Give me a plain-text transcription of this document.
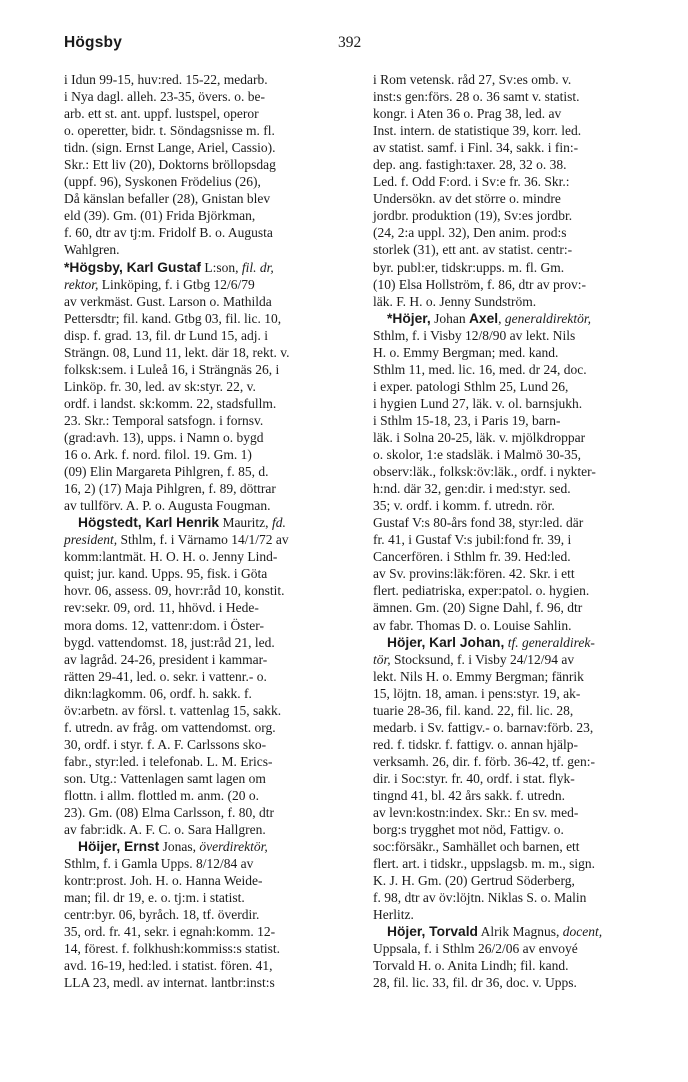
Högsby	392
i Idun 99-15, huv:red. 15-22, medarb.
i Nya dagl. alleh. 23-35, övers. o. be-
arb. ett st. ant. uppf. lustspel, operor
o. operetter, bidr. t. Söndagsnisse m. fl.
tidn. (sign. Ernst Lange, Ariel, Cassio).
Skr.: Ett liv (20), Doktorns bröllopsdag
(uppf. 96), Syskonen Frödelius (26),
Då känslan befaller (28), Gnistan blev
eld (39). Gm. (01) Frida Björkman,
f. 60, dtr av tj:m. Fridolf B. o. Augusta
Wahlgren.
*Högsby, Karl Gustaf L:son, fil. dr,
rektor, Linköping, f. i Gtbg 12/6/79
av verkmäst. Gust. Larson o. Mathilda
Pettersdtr; fil. kand. Gtbg 03, fil. lic. 10,
disp. f. grad. 13, fil. dr Lund 15, adj. i
Strängn. 08, Lund 11, lekt. där 18, rekt. v.
folksk:sem. i Luleå 16, i Strängnäs 26, i
Linköp. fr. 30, led. av sk:styr. 22, v.
ordf. i landst. sk:komm. 22, stadsfullm.
23. Skr.: Temporal satsfogn. i fornsv.
(grad:avh. 13), upps. i Namn o. bygd
16 o. Ark. f. nord. filol. 19. Gm. 1)
(09) Elin Margareta Pihlgren, f. 85, d.
16, 2) (17) Maja Pihlgren, f. 89, döttrar
av tullförv. A. P. o. Augusta Fougman.
Högstedt, Karl Henrik Mauritz, fd.
president, Sthlm, f. i Värnamo 14/1/72 av
komm:lantmät. H. O. H. o. Jenny Lind-
quist; jur. kand. Upps. 95, fisk. i Göta
hovr. 06, assess. 09, hovr:råd 10, konstit.
rev:sekr. 09, ord. 11, hhövd. i Hede-
mora doms. 12, vattenr:dom. i Öster-
bygd. vattendomst. 18, just:råd 21, led.
av lagråd. 24-26, president i kammar-
rätten 29-41, led. o. sekr. i vattenr.- o.
dikn:lagkomm. 06, ordf. h. sakk. f.
öv:arbetn. av försl. t. vattenlag 15, sakk.
f. utredn. av fråg. om vattendomst. org.
30, ordf. i styr. f. A. F. Carlssons sko-
fabr., styr:led. i telefonab. L. M. Erics-
son. Utg.: Vattenlagen samt lagen om
flottn. i allm. flottled m. anm. (20 o.
23). Gm. (08) Elma Carlsson, f. 80, dtr
av fabr:idk. A. F. C. o. Sara Hallgren.
Höijer, Ernst Jonas, överdirektör,
Sthlm, f. i Gamla Upps. 8/12/84 av
kontr:prost. Joh. H. o. Hanna Weide-
man; fil. dr 19, e. o. tj:m. i statist.
centr:byr. 06, byråch. 18, tf. överdir.
35, ord. fr. 41, sekr. i egnah:komm. 12-
14, förest. f. folkhush:kommiss:s statist.
avd. 16-19, hed:led. i statist. fören. 41,
LLA 23, medl. av internat. lantbr:inst:s
i Rom vetensk. råd 27, Sv:es omb. v.
inst:s gen:förs. 28 o. 36 samt v. statist.
kongr. i Aten 36 o. Prag 38, led. av
Inst. intern. de statistique 39, korr. led.
av statist. samf. i Finl. 34, sakk. i fin:-
dep. ang. fastigh:taxer. 28, 32 o. 38.
Led. f. Odd F:ord. i Sv:e fr. 36. Skr.:
Undersökn. av det större o. mindre
jordbr. produktion (19), Sv:es jordbr.
(24, 2:a uppl. 32), Den anim. prod:s
storlek (31), ett ant. av statist. centr:-
byr. publ:er, tidskr:upps. m. fl. Gm.
(10) Elsa Hollström, f. 86, dtr av prov:-
läk. F. H. o. Jenny Sundström.
*Höjer, Johan Axel, generaldirektör,
Sthlm, f. i Visby 12/8/90 av lekt. Nils
H. o. Emmy Bergman; med. kand.
Sthlm 11, med. lic. 16, med. dr 24, doc.
i exper. patologi Sthlm 25, Lund 26,
i hygien Lund 27, läk. v. ol. barnsjukh.
i Sthlm 15-18, 23, i Paris 19, barn-
läk. i Solna 20-25, läk. v. mjölkdroppar
o. skolor, 1:e stadsläk. i Malmö 30-35,
observ:läk., folksk:öv:läk., ordf. i nykter-
h:nd. där 32, gen:dir. i med:styr. sed.
35; v. ordf. i komm. f. utredn. rör.
Gustaf V:s 80-års fond 38, styr:led. där
fr. 41, i Gustaf V:s jubil:fond fr. 39, i
Cancerfören. i Sthlm fr. 39. Hed:led.
av Sv. provins:läk:fören. 42. Skr. i ett
flert. pediatriska, exper:patol. o. hygien.
ämnen. Gm. (20) Signe Dahl, f. 96, dtr
av fabr. Thomas D. o. Louise Sahlin.
Höjer, Karl Johan, tf. generaldirek-
tör, Stocksund, f. i Visby 24/12/94 av
lekt. Nils H. o. Emmy Bergman; fänrik
15, löjtn. 18, aman. i pens:styr. 19, ak-
tuarie 28-36, fil. kand. 22, fil. lic. 28,
medarb. i Sv. fattigv.- o. barnav:förb. 23,
red. f. tidskr. f. fattigv. o. annan hjälp-
verksamh. 26, dir. f. förb. 36-42, tf. gen:-
dir. i Soc:styr. fr. 40, ordf. i stat. flyk-
tingnd 41, bl. 42 års sakk. f. utredn.
av levn:kostn:index. Skr.: En sv. med-
borg:s trygghet mot nöd, Fattigv. o.
soc:försäkr., Samhället och barnen, ett
flert. art. i tidskr., uppslagsb. m. m., sign.
K. J. H. Gm. (20) Gertrud Söderberg,
f. 98, dtr av öv:löjtn. Niklas S. o. Malin
Herlitz.
Höjer, Torvald Alrik Magnus, docent,
Uppsala, f. i Sthlm 26/2/06 av envoyé
Torvald H. o. Anita Lindh; fil. kand.
28, fil. lic. 33, fil. dr 36, doc. v. Upps.
